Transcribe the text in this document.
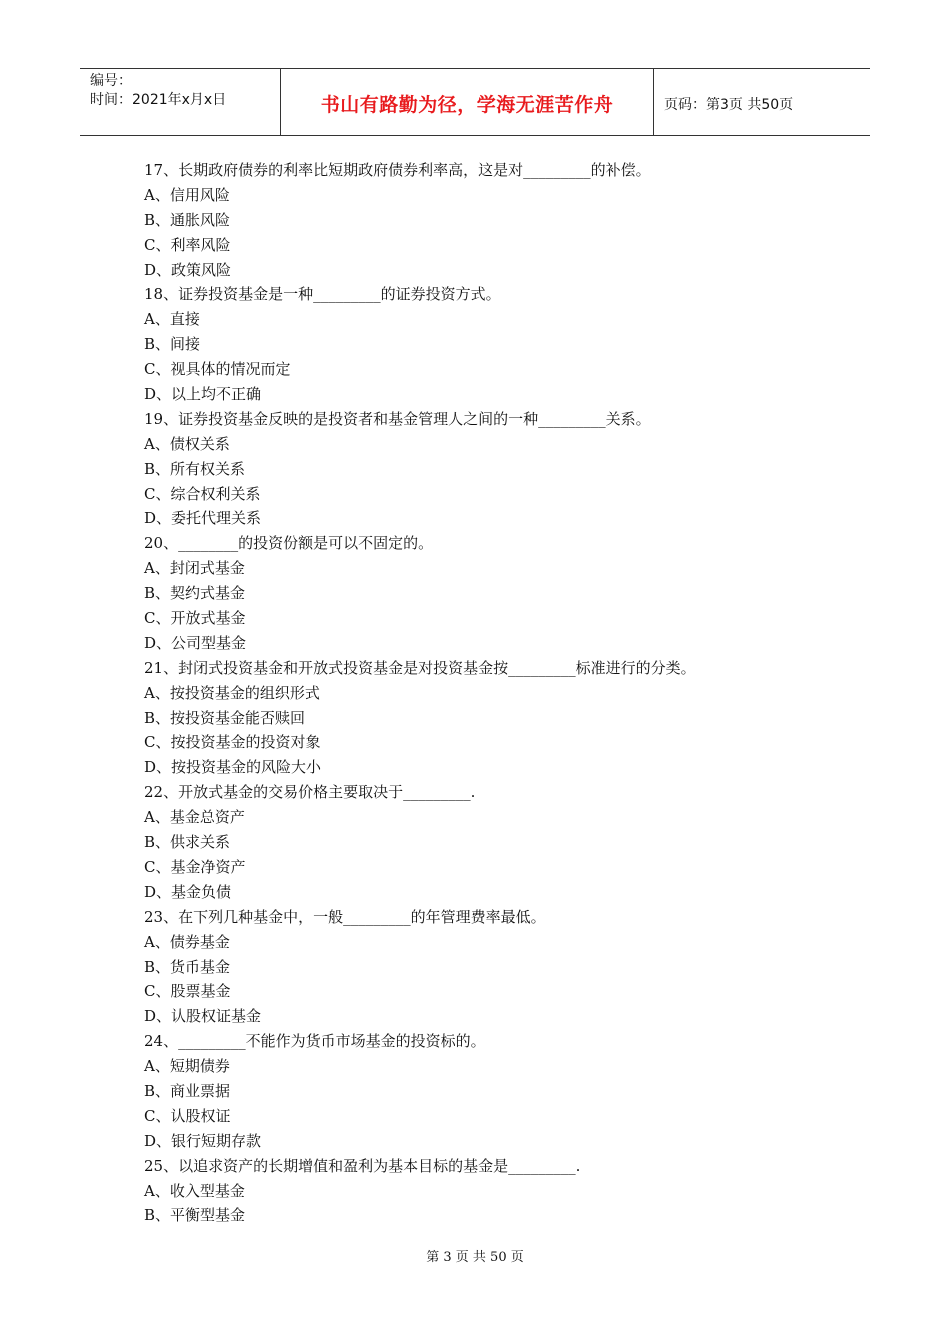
编号：
时间：2021年x月x日	书山有路勤为径，学海无涯苦作舟	页码：第3页 共50页
17、长期政府债券的利率比短期政府债券利率高，这是对_________的补偿。
A、信用风险
B、通胀风险
C、利率风险
D、政策风险
18、证券投资基金是一种_________的证券投资方式。
A、直接
B、间接
C、视具体的情况而定
D、以上均不正确
19、证券投资基金反映的是投资者和基金管理人之间的一种_________关系。
A、债权关系
B、所有权关系
C、综合权利关系
D、委托代理关系
20、________的投资份额是可以不固定的。
A、封闭式基金
B、契约式基金
C、开放式基金
D、公司型基金
21、封闭式投资基金和开放式投资基金是对投资基金按_________标准进行的分类。
A、按投资基金的组织形式
B、按投资基金能否赎回
C、按投资基金的投资对象
D、按投资基金的风险大小
22、开放式基金的交易价格主要取决于_________.
A、基金总资产
B、供求关系
C、基金净资产
D、基金负债
23、在下列几种基金中，一般_________的年管理费率最低。
A、债券基金
B、货币基金
C、股票基金
D、认股权证基金
24、_________不能作为货币市场基金的投资标的。
A、短期债券
B、商业票据
C、认股权证
D、银行短期存款
25、以追求资产的长期增值和盈利为基本目标的基金是_________.
A、收入型基金
B、平衡型基金
第 3 页 共 50 页
